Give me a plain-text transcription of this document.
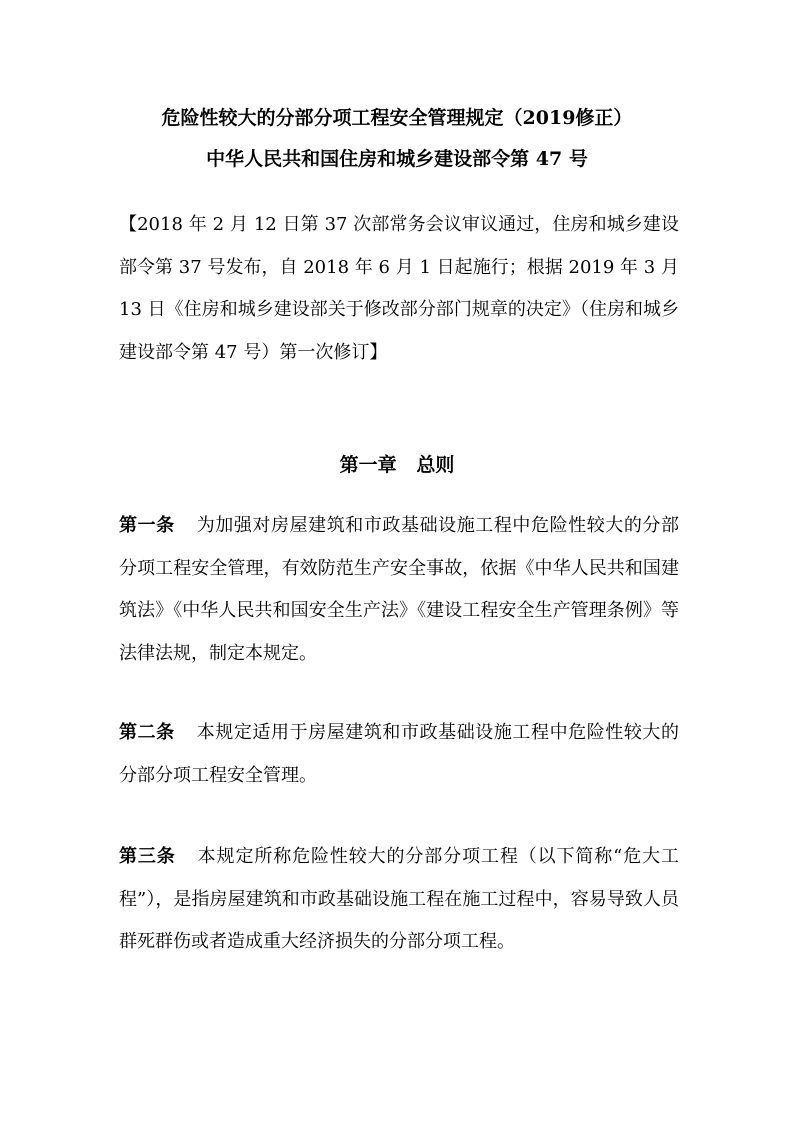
危险性较大的分部分项工程安全管理规定（2019修正）
中华人民共和国住房和城乡建设部令第 47 号
【2018 年 2 月 12 日第 37 次部常务会议审议通过，住房和城乡建设部令第 37 号发布，自 2018 年 6 月 1 日起施行；根据 2019 年 3 月 13 日《住房和城乡建设部关于修改部分部门规章的决定》（住房和城乡建设部令第 47 号）第一次修订】
第一章   总则
第一条 为加强对房屋建筑和市政基础设施工程中危险性较大的分部分项工程安全管理，有效防范生产安全事故，依据《中华人民共和国建筑法》《中华人民共和国安全生产法》《建设工程安全生产管理条例》等法律法规，制定本规定。
第二条 本规定适用于房屋建筑和市政基础设施工程中危险性较大的分部分项工程安全管理。
第三条 本规定所称危险性较大的分部分项工程（以下简称“危大工程”），是指房屋建筑和市政基础设施工程在施工过程中，容易导致人员群死群伤或者造成重大经济损失的分部分项工程。
